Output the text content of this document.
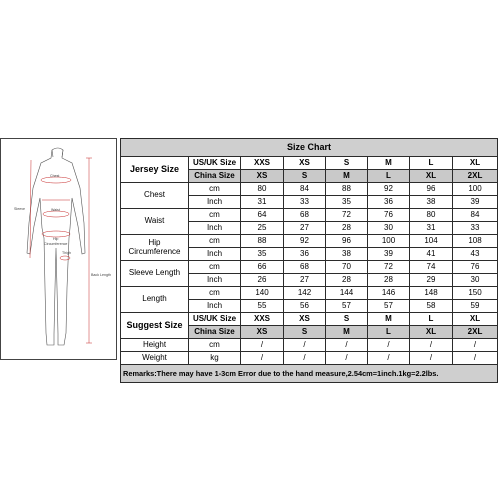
Sleeve
Chest
Waist
Hip
Circumference
Thigh
Back Length
Size Chart							
Jersey Size	US/UK Size	XXS	XS	S	M	L	XL
	China Size	XS	S	M	L	XL	2XL
Chest	cm	80	84	88	92	96	100
	Inch	31	33	35	36	38	39
Waist	cm	64	68	72	76	80	84
	Inch	25	27	28	30	31	33
Hip
Circumference	cm	88	92	96	100	104	108
	Inch	35	36	38	39	41	43
Sleeve Length	cm	66	68	70	72	74	76
	Inch	26	27	28	28	29	30
Length	cm	140	142	144	146	148	150
	Inch	55	56	57	57	58	59
Suggest Size	US/UK Size	XXS	XS	S	M	L	XL
	China Size	XS	S	M	L	XL	2XL
Height	cm	/	/	/	/	/	/
Weight	kg	/	/	/	/	/	/
Remarks:There may have 1-3cm Error due to the hand measure,2.54cm=1inch.1kg=2.2lbs.							
